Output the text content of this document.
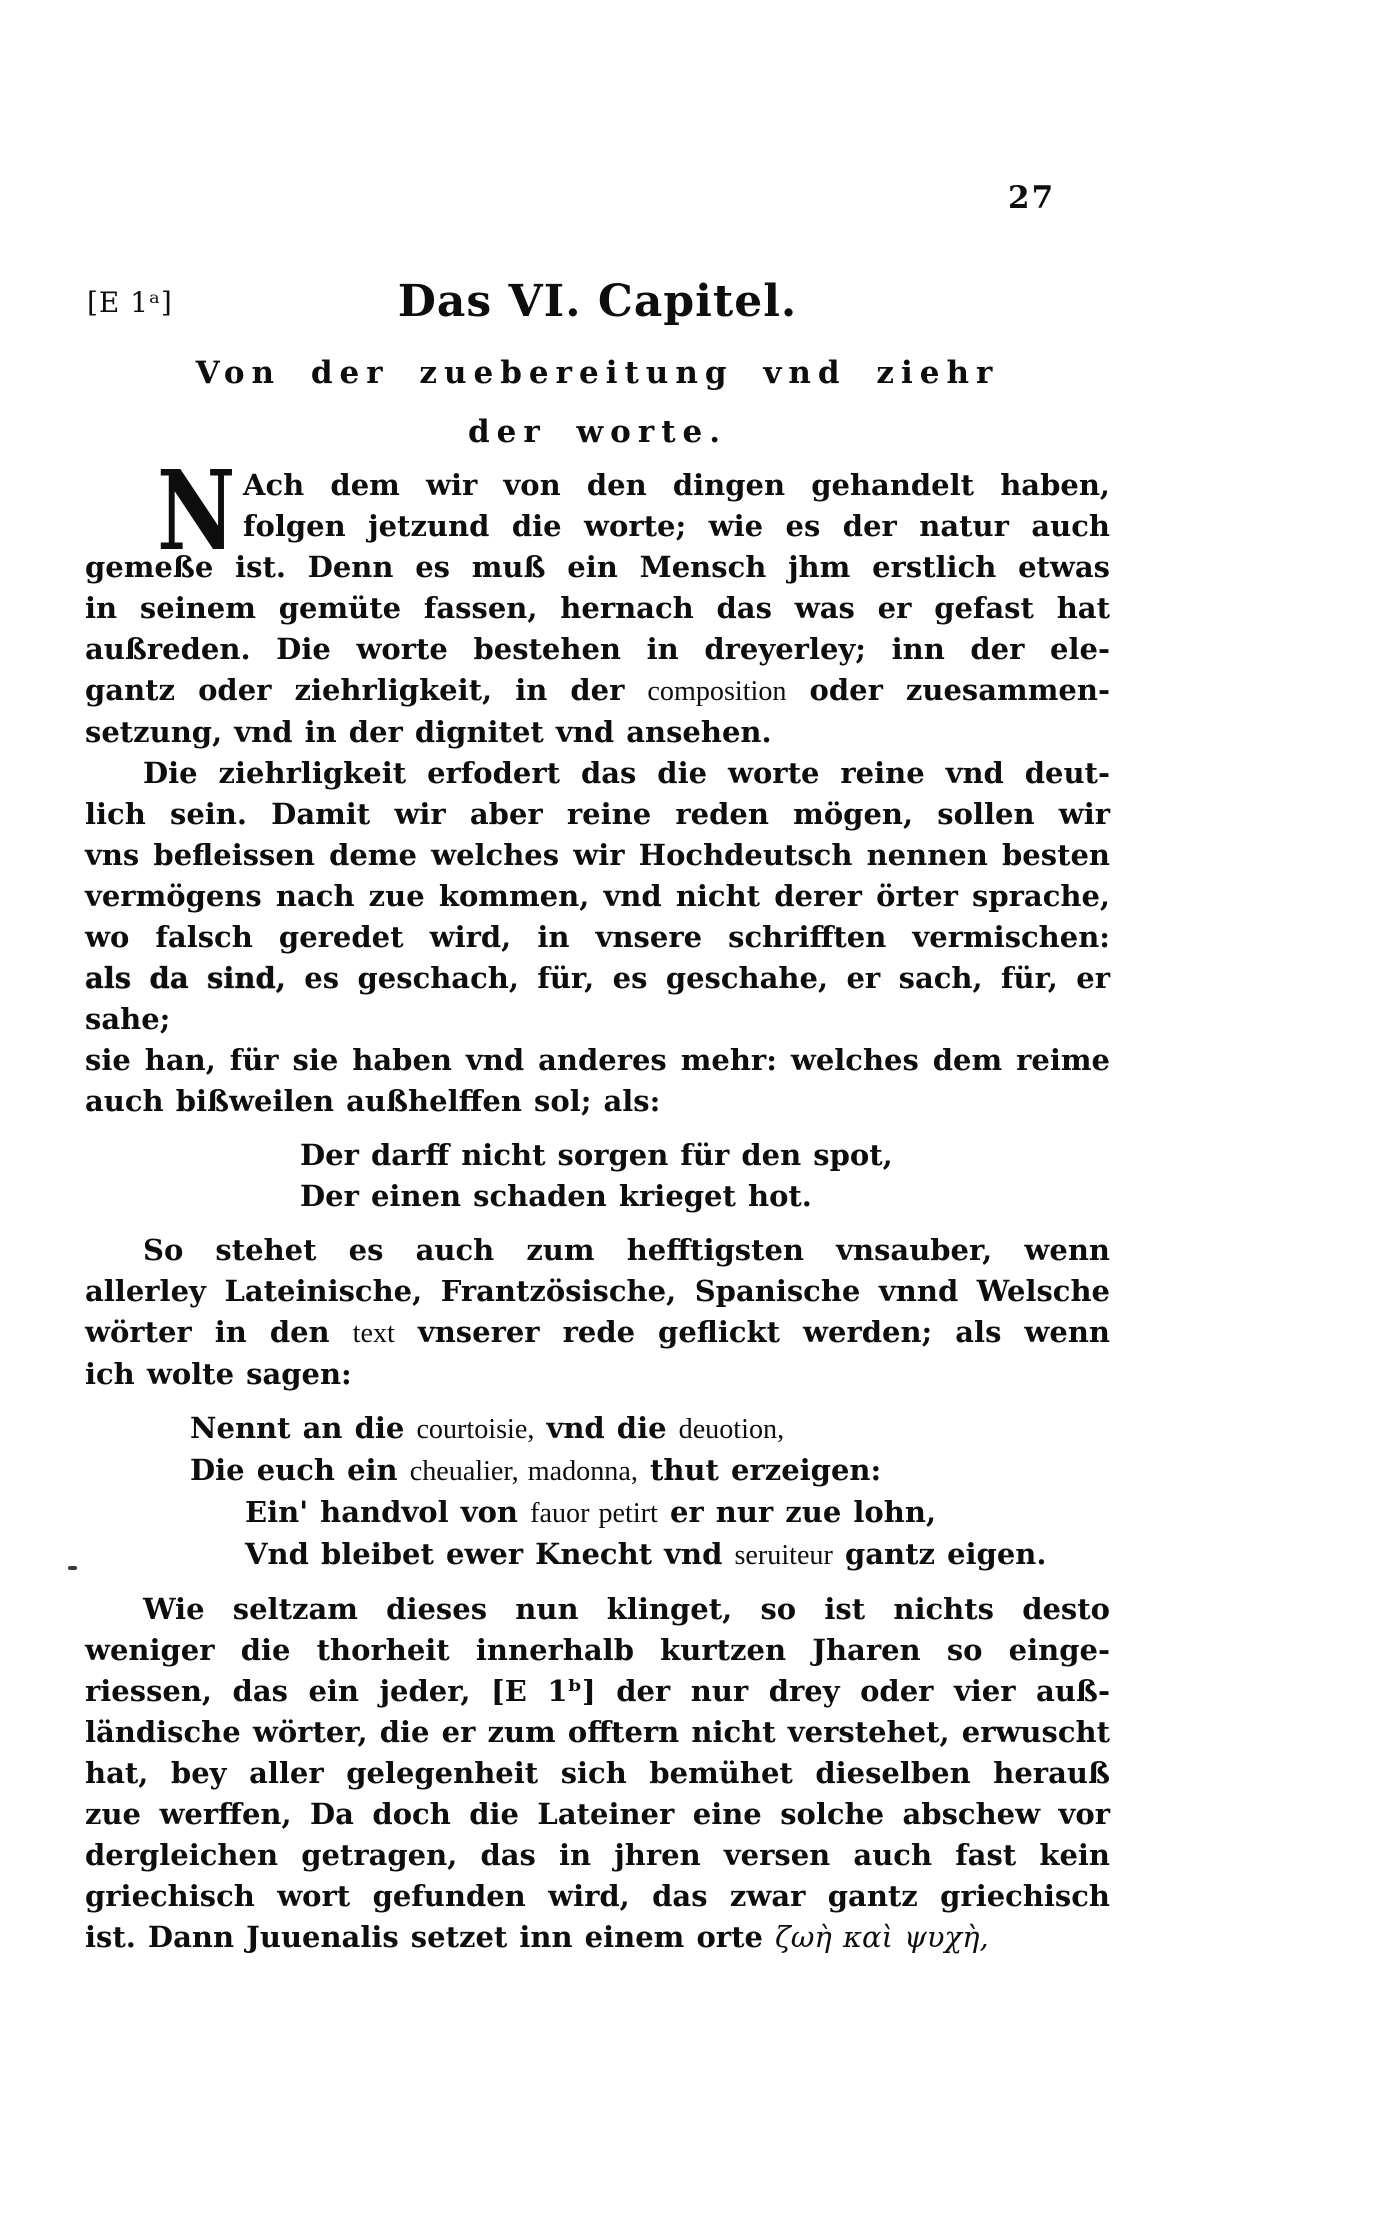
27
[E 1ᵃ]	Das VI. Capitel.
Von der zuebereitung vnd ziehr
der worte.
N Ach dem wir von den dingen gehandelt haben,
folgen jetzund die worte; wie es der natur auch
gemeße ist. Denn es muß ein Mensch jhm erstlich etwas
in seinem gemüte fassen, hernach das was er gefast hat
außreden. Die worte bestehen in dreyerley; inn der ele-
gantz oder ziehrligkeit, in der composition oder zuesammen-
setzung, vnd in der dignitet vnd ansehen.
Die ziehrligkeit erfodert das die worte reine vnd deut-
lich sein. Damit wir aber reine reden mögen, sollen wir
vns befleissen deme welches wir Hochdeutsch nennen besten
vermögens nach zue kommen, vnd nicht derer örter sprache,
wo falsch geredet wird, in vnsere schrifften vermischen:
als da sind, es geschach, für, es geschahe, er sach, für, er sahe;
sie han, für sie haben vnd anderes mehr: welches dem reime
auch bißweilen außhelffen sol; als:
Der darff nicht sorgen für den spot,
Der einen schaden krieget hot.
So stehet es auch zum hefftigsten vnsauber, wenn
allerley Lateinische, Frantzösische, Spanische vnnd Welsche
wörter in den text vnserer rede geflickt werden; als wenn
ich wolte sagen:
Nennt an die courtoisie, vnd die deuotion,
Die euch ein cheualier, madonna, thut erzeigen:
Ein' handvol von fauor petirt er nur zue lohn,
Vnd bleibet ewer Knecht vnd seruiteur gantz eigen.
Wie seltzam dieses nun klinget, so ist nichts desto
weniger die thorheit innerhalb kurtzen Jharen so einge-
riessen, das ein jeder, [E 1ᵇ] der nur drey oder vier auß-
ländische wörter, die er zum offtern nicht verstehet, erwuscht
hat, bey aller gelegenheit sich bemühet dieselben herauß
zue werffen, Da doch die Lateiner eine solche abschew vor
dergleichen getragen, das in jhren versen auch fast kein
griechisch wort gefunden wird, das zwar gantz griechisch
ist. Dann Juuenalis setzet inn einem orte ζωὴ καὶ ψυχὴ,
